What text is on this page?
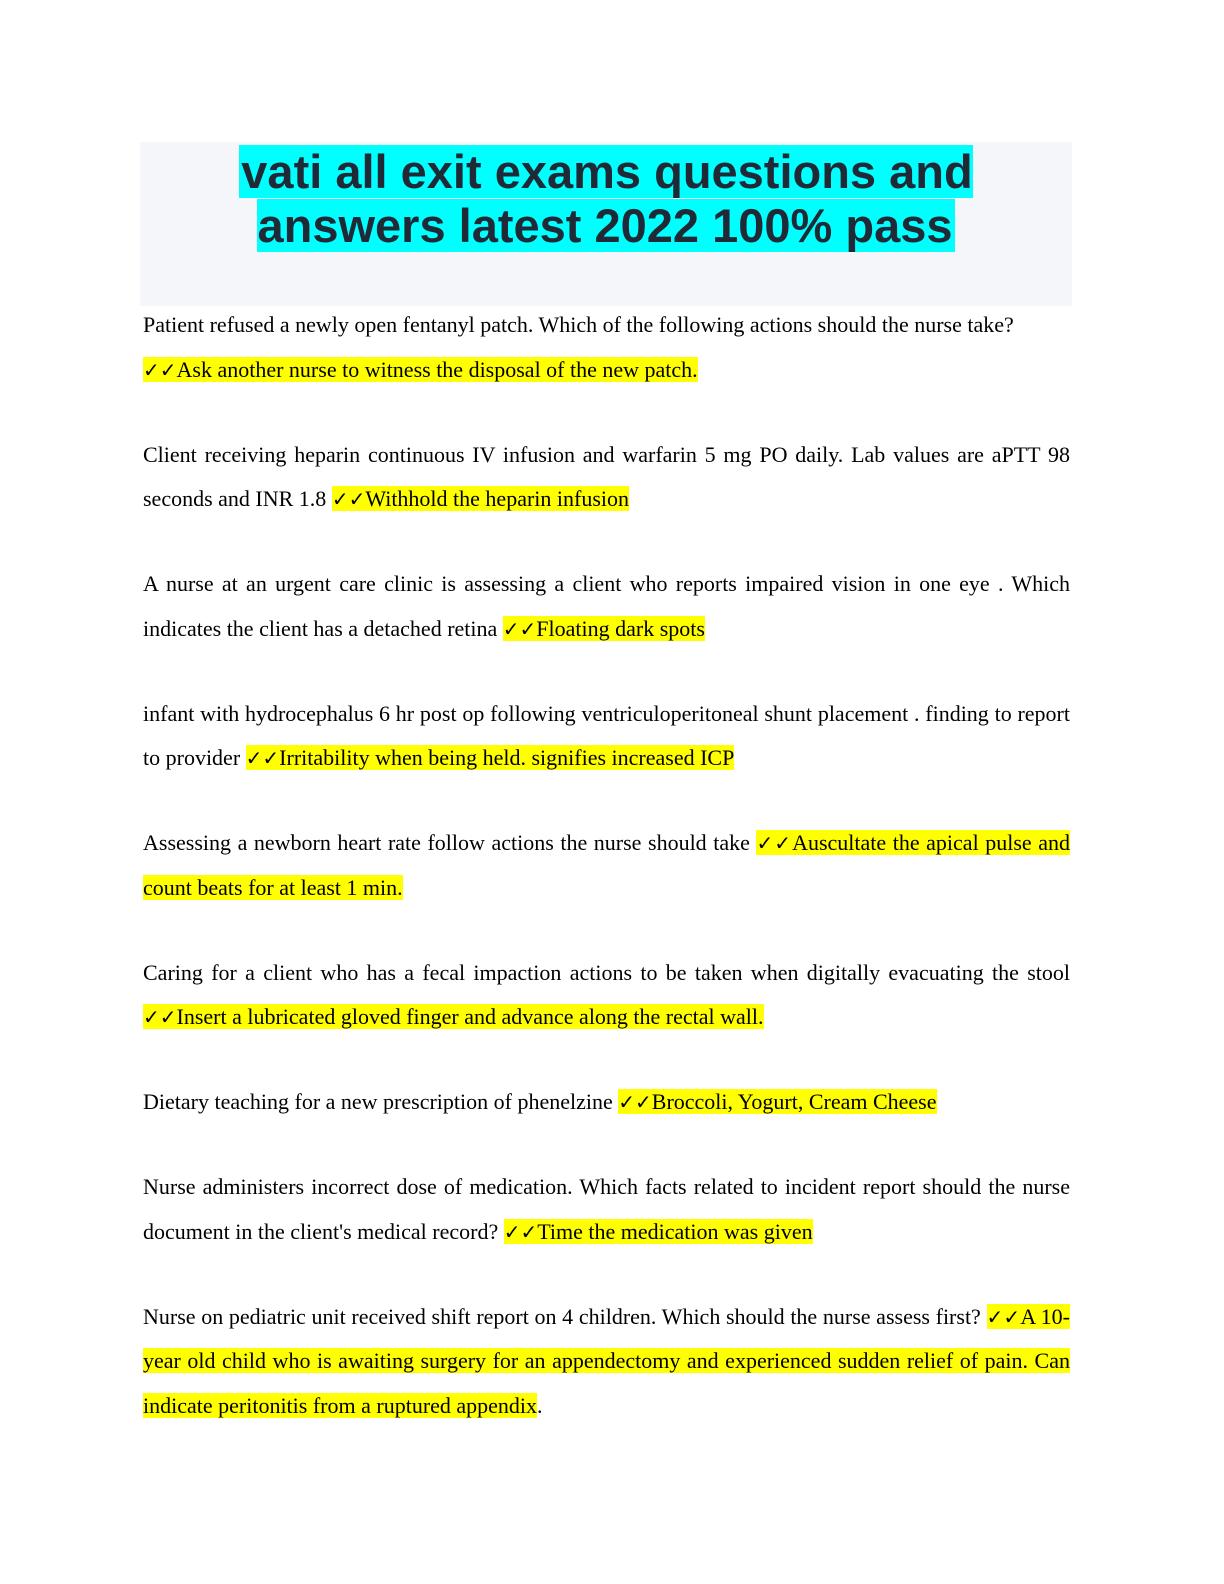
vati all exit exams questions and answers latest 2022 100% pass

Patient refused a newly open fentanyl patch. Which of the following actions should the nurse take?
✓✓Ask another nurse to witness the disposal of the new patch.

Client receiving heparin continuous IV infusion and warfarin 5 mg PO daily. Lab values are aPTT 98 seconds and INR 1.8 ✓✓Withhold the heparin infusion

A nurse at an urgent care clinic is assessing a client who reports impaired vision in one eye . Which indicates the client has a detached retina ✓✓Floating dark spots

infant with hydrocephalus 6 hr post op following ventriculoperitoneal shunt placement . finding to report to provider ✓✓Irritability when being held. signifies increased ICP

Assessing a newborn heart rate follow actions the nurse should take ✓✓Auscultate the apical pulse and count beats for at least 1 min.

Caring for a client who has a fecal impaction actions to be taken when digitally evacuating the stool ✓✓Insert a lubricated gloved finger and advance along the rectal wall.

Dietary teaching for a new prescription of phenelzine ✓✓Broccoli, Yogurt, Cream Cheese

Nurse administers incorrect dose of medication. Which facts related to incident report should the nurse document in the client's medical record? ✓✓Time the medication was given

Nurse on pediatric unit received shift report on 4 children. Which should the nurse assess first? ✓✓A 10-year old child who is awaiting surgery for an appendectomy and experienced sudden relief of pain. Can indicate peritonitis from a ruptured appendix.
